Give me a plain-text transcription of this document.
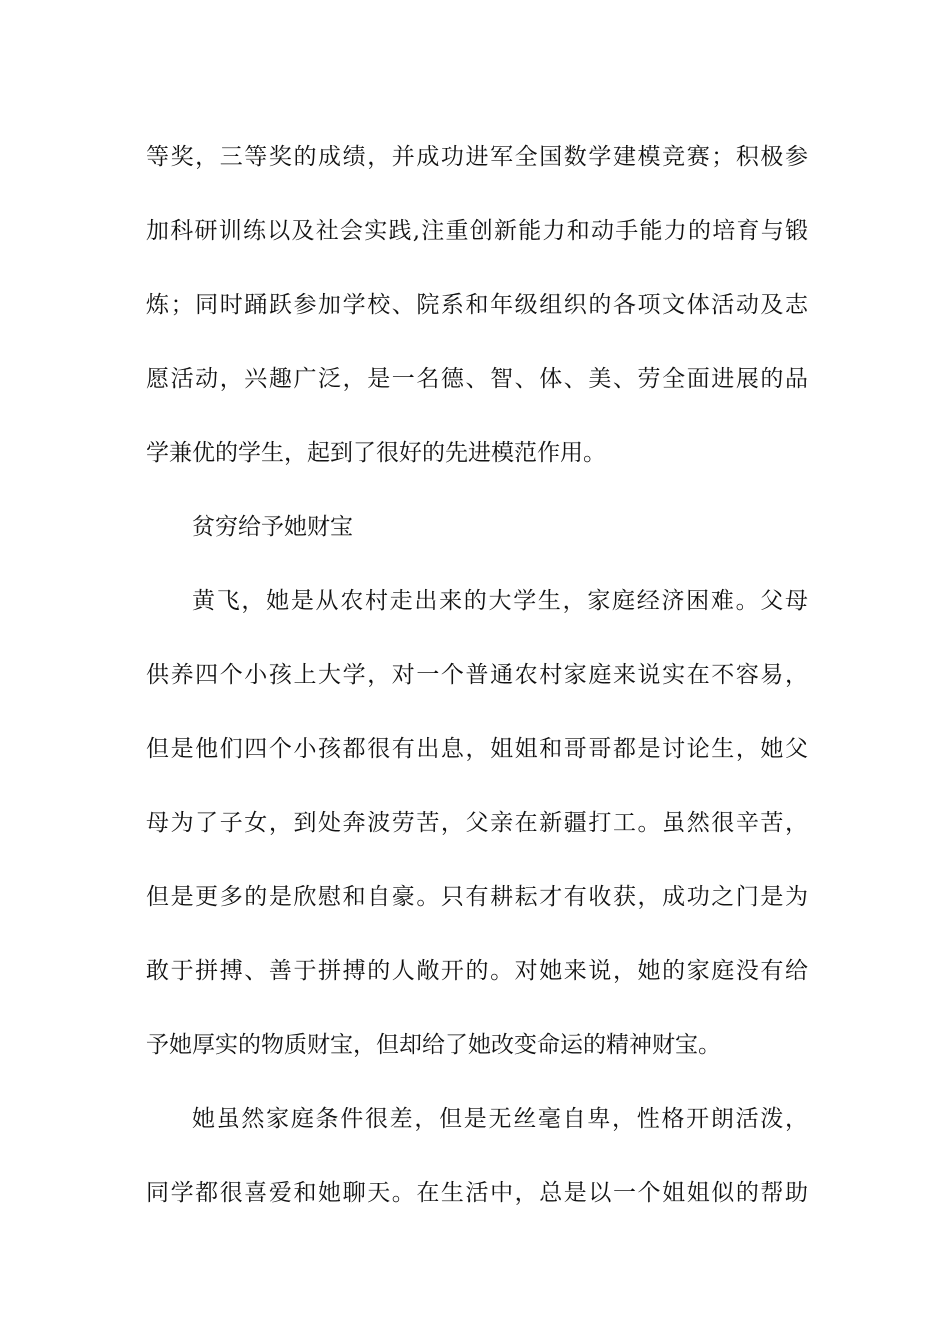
等奖，三等奖的成绩，并成功进军全国数学建模竞赛；积极参
加科研训练以及社会实践,注重创新能力和动手能力的培育与锻
炼；同时踊跃参加学校、院系和年级组织的各项文体活动及志
愿活动，兴趣广泛，是一名德、智、体、美、劳全面进展的品
学兼优的学生，起到了很好的先进模范作用。
贫穷给予她财宝
黄飞，她是从农村走出来的大学生，家庭经济困难。父母
供养四个小孩上大学，对一个普通农村家庭来说实在不容易，
但是他们四个小孩都很有出息，姐姐和哥哥都是讨论生，她父
母为了子女，到处奔波劳苦，父亲在新疆打工。虽然很辛苦，
但是更多的是欣慰和自豪。只有耕耘才有收获，成功之门是为
敢于拼搏、善于拼搏的人敞开的。对她来说，她的家庭没有给
予她厚实的物质财宝，但却给了她改变命运的精神财宝。
她虽然家庭条件很差，但是无丝毫自卑，性格开朗活泼，
同学都很喜爱和她聊天。在生活中，总是以一个姐姐似的帮助
